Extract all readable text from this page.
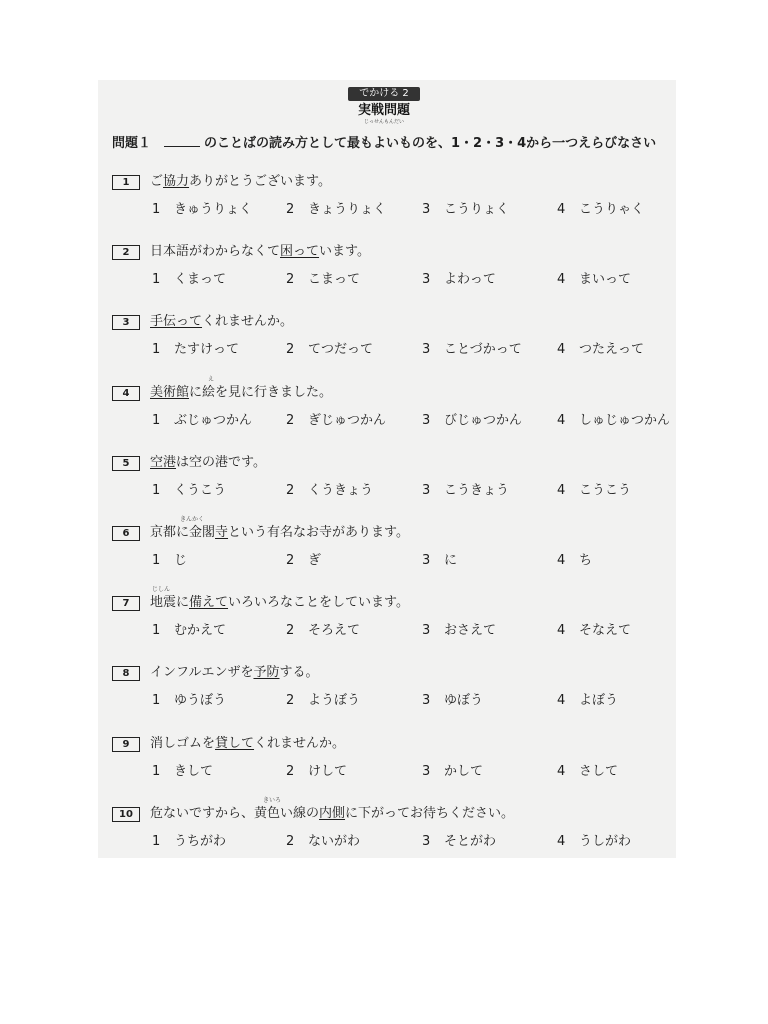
でかける 2
実戦問題
じっせんもんだい
問題１	のことばの読み方として最もよいものを、1・2・3・4から一つえらびなさい
1	ご協力ありがとうございます。
1 きゅうりょく	2 きょうりょく	3 こうりょく	4 こうりゃく
2	日本語がわからなくて困っています。
1 くまって	2 こまって	3 よわって	4 まいって
3	手伝ってくれませんか。
1 たすけって	2 てつだって	3 ことづかって	4 つたえって
4
え
美術館に絵を見に行きました。
1 ぶじゅつかん	2 ぎじゅつかん	3 びじゅつかん	4 しゅじゅつかん
5	空港は空の港です。
1 くうこう	2 くうきょう	3 こうきょう	4 こうこう
6
きんかく
京都に金閣寺という有名なお寺があります。
1 じ	2 ぎ	3 に	4 ち
7
じしん
地震に備えていろいろなことをしています。
1 むかえて	2 そろえて	3 おさえて	4 そなえて
8	インフルエンザを予防する。
1 ゆうぼう	2 ようぼう	3 ゆぼう	4 よぼう
9	消しゴムを貸してくれませんか。
1 きして	2 けして	3 かして	4 さして
10
きいろ
危ないですから、黄色い線の内側に下がってお待ちください。
1 うちがわ	2 ないがわ	3 そとがわ	4 うしがわ
